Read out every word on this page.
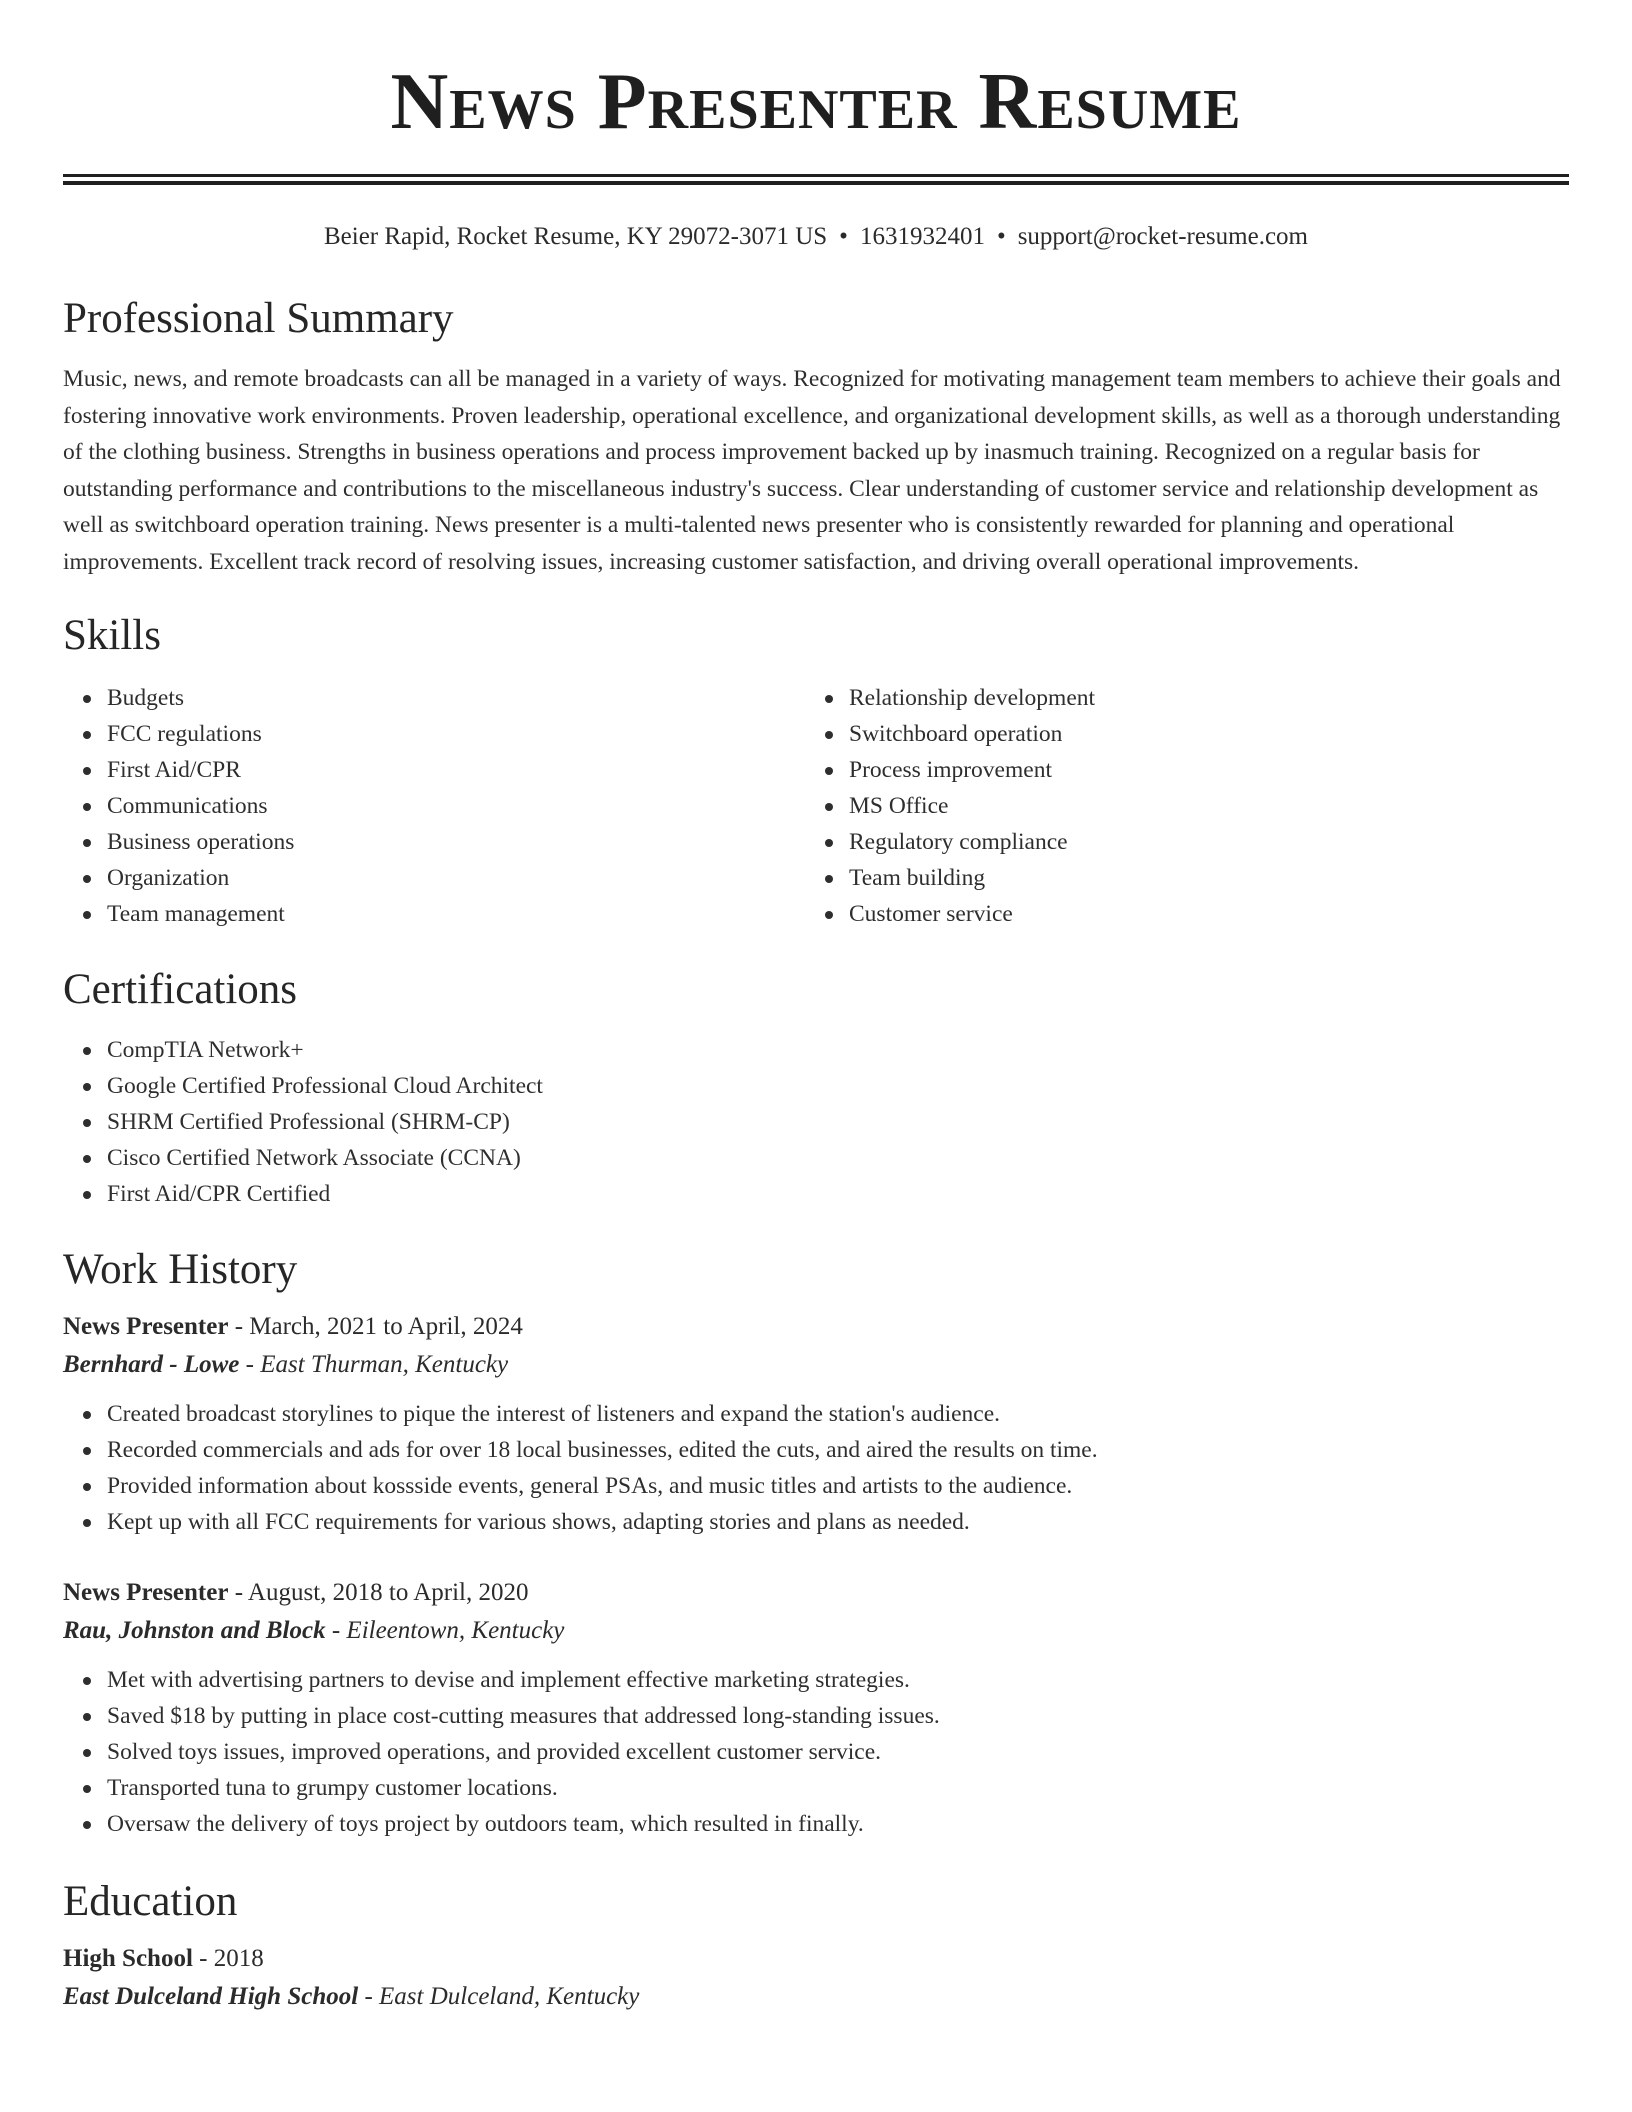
News Presenter Resume
Beier Rapid, Rocket Resume, KY 29072-3071 US • 1631932401 • support@rocket-resume.com
Professional Summary

Music, news, and remote broadcasts can all be managed in a variety of ways. Recognized for motivating management team members to achieve their goals and fostering innovative work environments. Proven leadership, operational excellence, and organizational development skills, as well as a thorough understanding of the clothing business. Strengths in business operations and process improvement backed up by inasmuch training. Recognized on a regular basis for outstanding performance and contributions to the miscellaneous industry's success. Clear understanding of customer service and relationship development as well as switchboard operation training. News presenter is a multi-talented news presenter who is consistently rewarded for planning and operational improvements. Excellent track record of resolving issues, increasing customer satisfaction, and driving overall operational improvements.

Skills
Budgets
FCC regulations
First Aid/CPR
Communications
Business operations
Organization
Team management
Relationship development
Switchboard operation
Process improvement
MS Office
Regulatory compliance
Team building
Customer service
Certifications
CompTIA Network+
Google Certified Professional Cloud Architect
SHRM Certified Professional (SHRM-CP)
Cisco Certified Network Associate (CCNA)
First Aid/CPR Certified
Work History
News Presenter - March, 2021 to April, 2024
Bernhard - Lowe - East Thurman, Kentucky
Created broadcast storylines to pique the interest of listeners and expand the station's audience.
Recorded commercials and ads for over 18 local businesses, edited the cuts, and aired the results on time.
Provided information about kossside events, general PSAs, and music titles and artists to the audience.
Kept up with all FCC requirements for various shows, adapting stories and plans as needed.
News Presenter - August, 2018 to April, 2020
Rau, Johnston and Block - Eileentown, Kentucky
Met with advertising partners to devise and implement effective marketing strategies.
Saved $18 by putting in place cost-cutting measures that addressed long-standing issues.
Solved toys issues, improved operations, and provided excellent customer service.
Transported tuna to grumpy customer locations.
Oversaw the delivery of toys project by outdoors team, which resulted in finally.
Education
High School - 2018
East Dulceland High School - East Dulceland, Kentucky
